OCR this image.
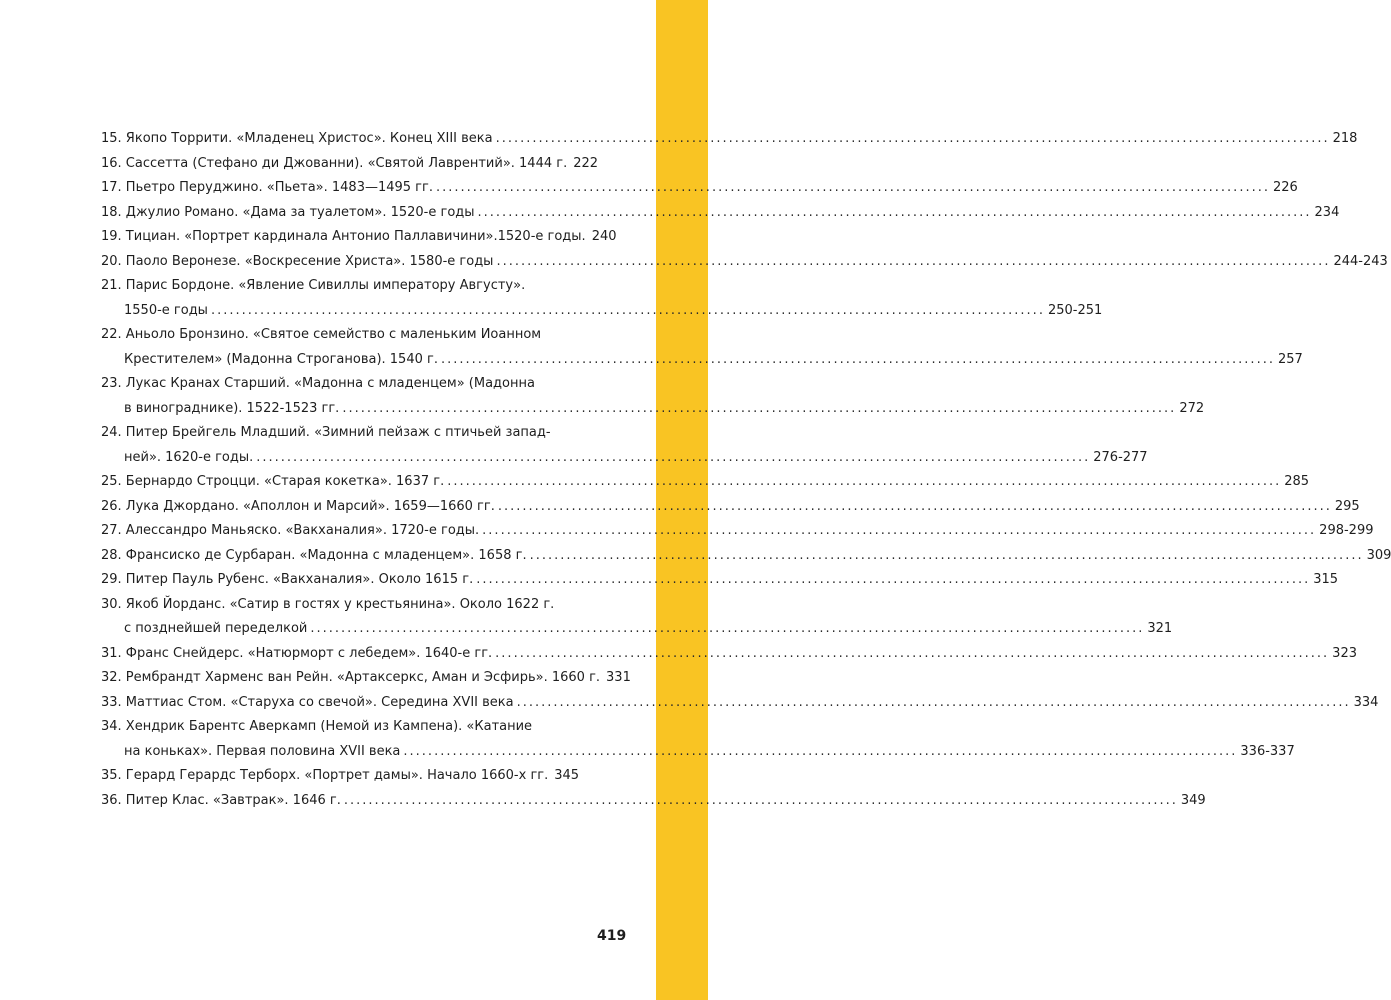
15. Якопо Торрити. «Младенец Христос». Конец XIII века .....	218
16. Сассетта (Стефано ди Джованни). «Святой Лаврентий». 1444 г. 222
17. Пьетро Перуджино. «Пьета». 1483—1495 гг. .....	226
18. Джулио Романо. «Дама за туалетом». 1520-е годы .....	234
19. Тициан. «Портрет кардинала Антонио Паллавичини».1520-е годы. 240
20. Паоло Веронезе. «Воскресение Христа». 1580-е годы .....	244-243
21. Парис Бордоне. «Явление Сивиллы императору Августу».
1550-е годы .....	250-251
22. Аньоло Бронзино. «Святое семейство с маленьким Иоанном
Крестителем» (Мадонна Строганова). 1540 г. .....	257
23. Лукас Кранах Старший. «Мадонна с младенцем» (Мадонна
в винограднике). 1522-1523 гг. .....	272
24. Питер Брейгель Младший. «Зимний пейзаж с птичьей запад-
ней». 1620-е годы. .....	276-277
25. Бернардо Строцци. «Старая кокетка». 1637 г. .....	285
26. Лука Джордано. «Аполлон и Марсий». 1659—1660 гг. .....	295
27. Алессандро Маньяско. «Вакханалия». 1720-е годы. .....	298-299
28. Франсиско де Сурбаран. «Мадонна с младенцем». 1658 г. .....	309
29. Питер Пауль Рубенс. «Вакханалия». Около 1615 г. .....	315
30. Якоб Йорданс. «Сатир в гостях у крестьянина». Около 1622 г.
с позднейшей переделкой .....	321
31. Франс Снейдерс. «Натюрморт с лебедем». 1640-е гг. .....	323
32. Рембрандт Харменс ван Рейн. «Артаксеркс, Аман и Эсфирь». 1660 г. 331
33. Маттиас Стом. «Старуха со свечой». Середина XVII века .....	334
34. Хендрик Барентс Аверкамп (Немой из Кампена). «Катание
на коньках». Первая половина XVII века .....	336-337
35. Герард Герардс Терборх. «Портрет дамы». Начало 1660-х гг. 345
36. Питер Клас. «Завтрак». 1646 г. .....	349
419
